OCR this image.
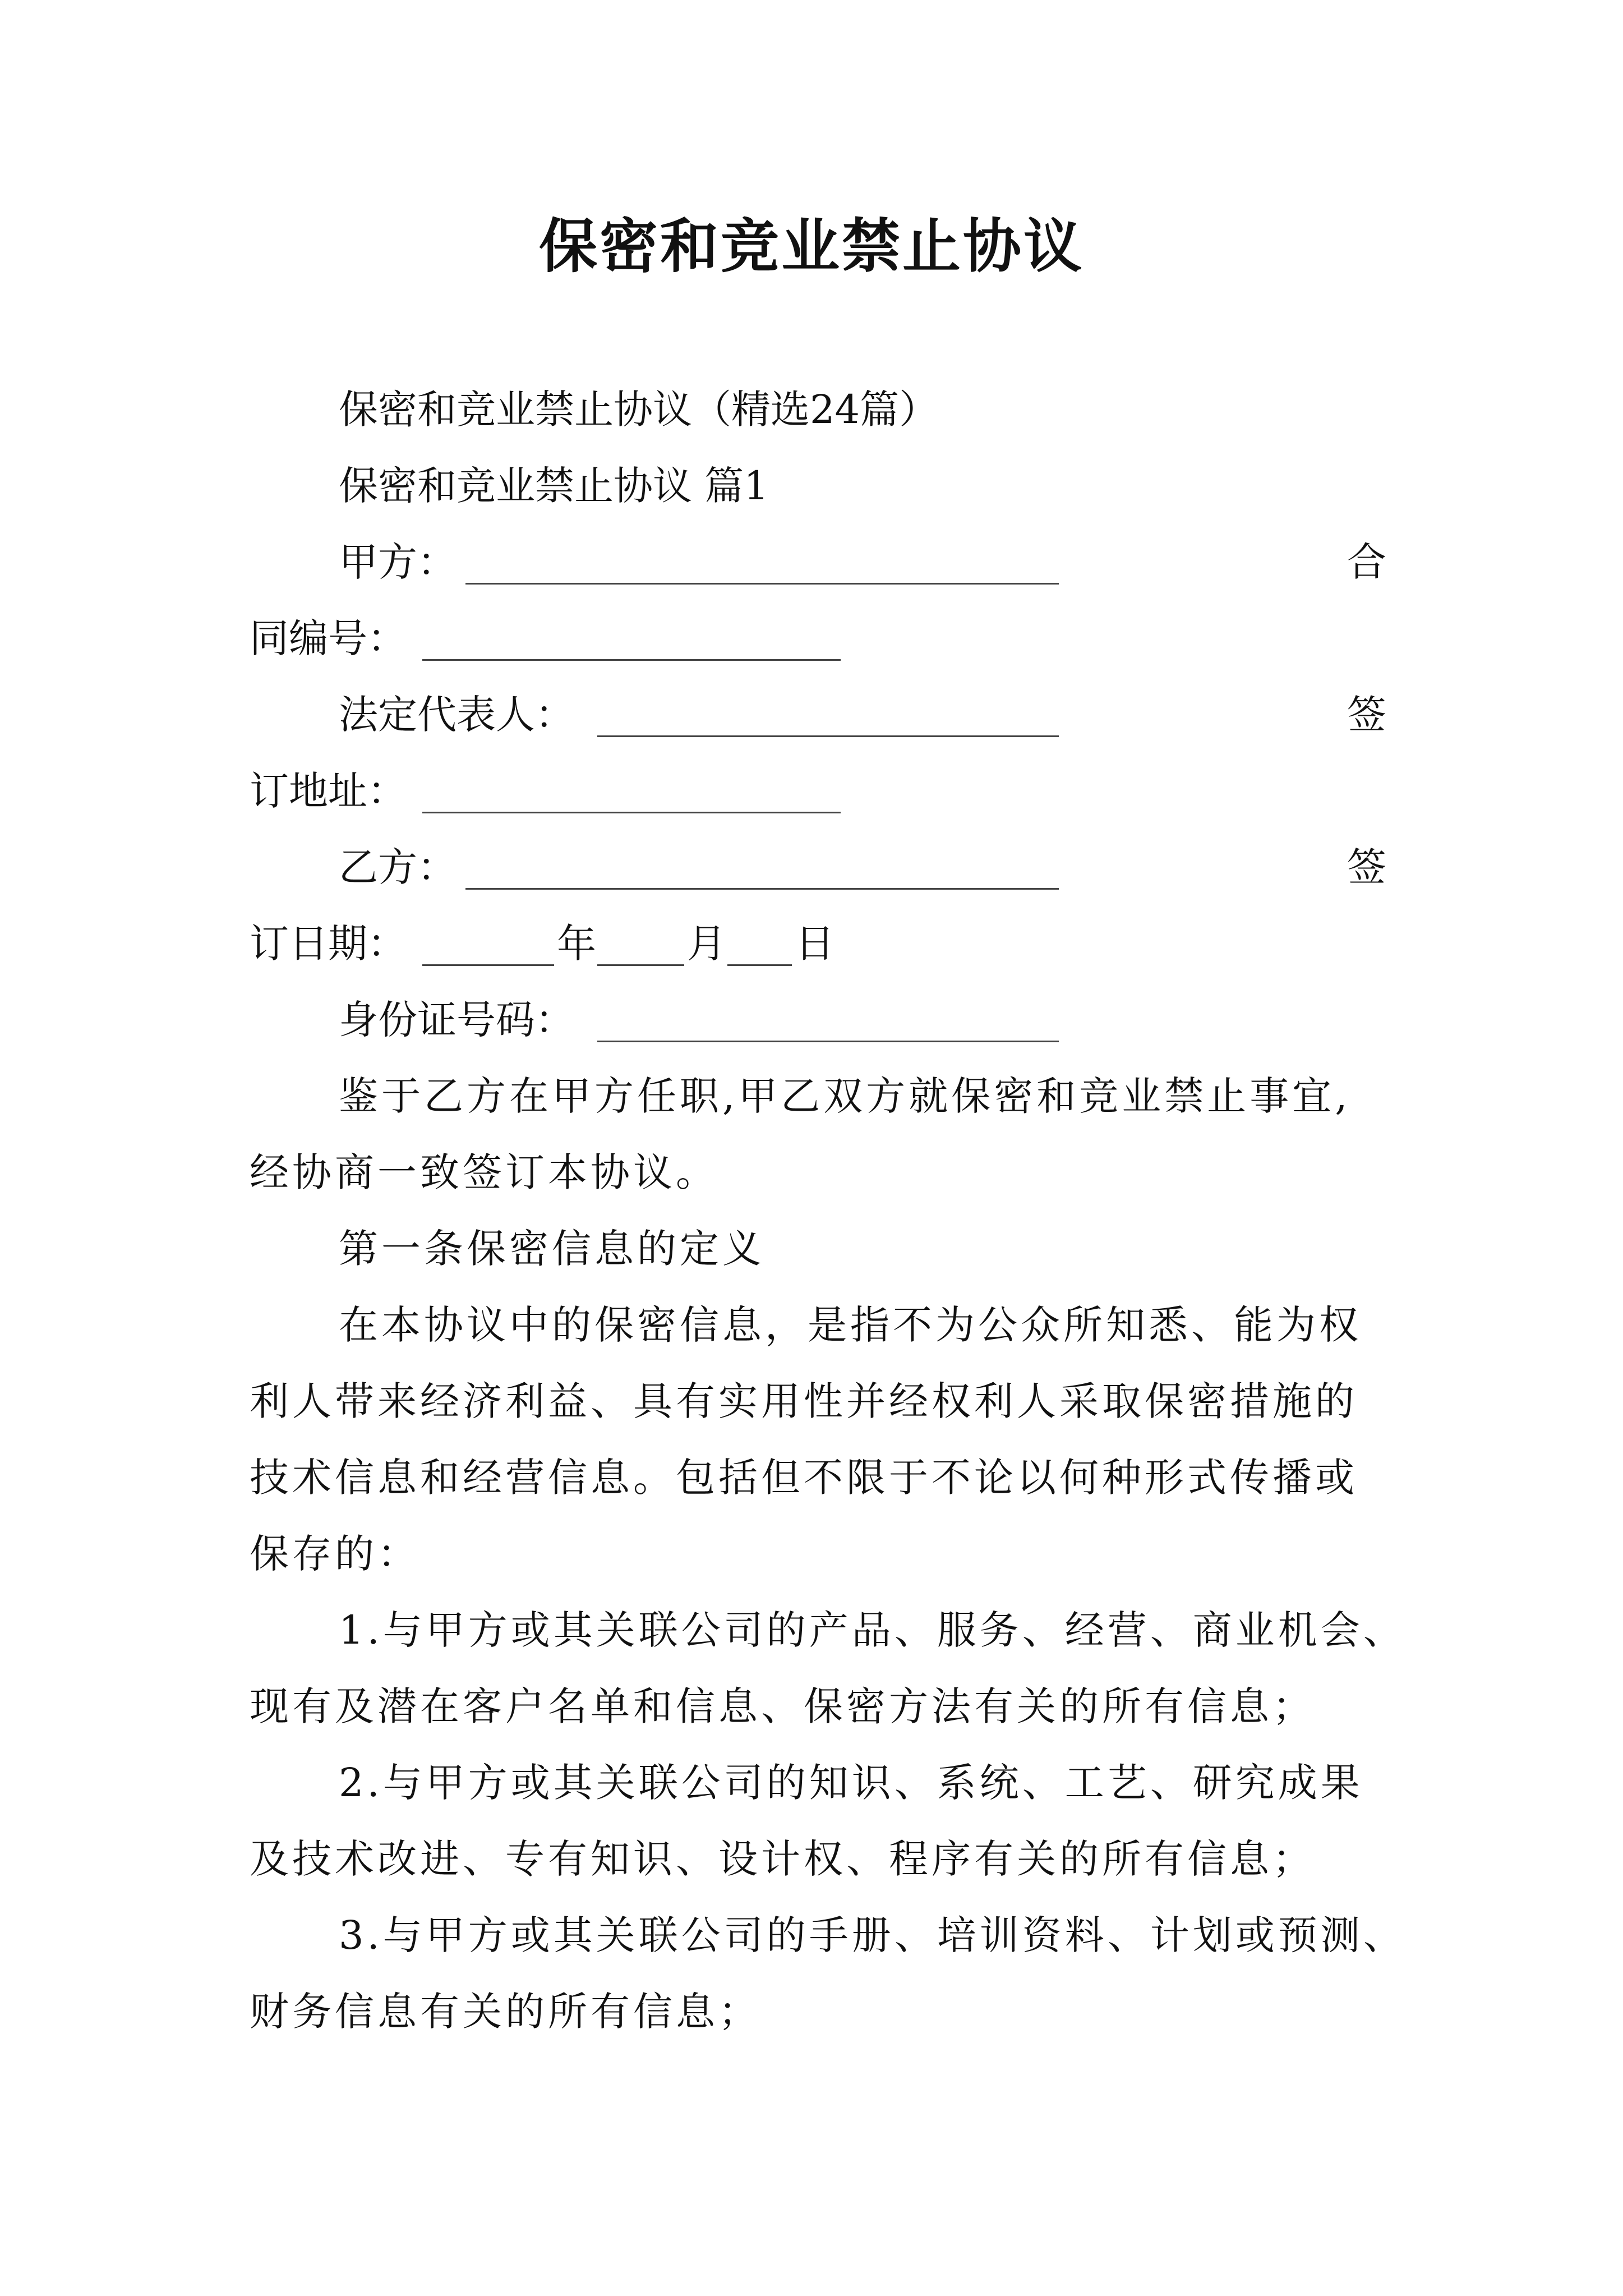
保密和竞业禁止协议
保密和竞业禁止协议（精选24篇）
保密和竞业禁止协议 篇1
甲方：	合
同编号：
法定代表人：	签
订地址：
乙方：	签
订日期：	年 月 日
身份证号码：
鉴于乙方在甲方任职,甲乙双方就保密和竞业禁止事宜,
经协商一致签订本协议。
第一条保密信息的定义
在本协议中的保密信息，是指不为公众所知悉、能为权
利人带来经济利益、具有实用性并经权利人采取保密措施的
技术信息和经营信息。包括但不限于不论以何种形式传播或
保存的：
1.与甲方或其关联公司的产品、服务、经营、商业机会、
现有及潜在客户名单和信息、保密方法有关的所有信息；
2.与甲方或其关联公司的知识、系统、工艺、研究成果
及技术改进、专有知识、设计权、程序有关的所有信息；
3.与甲方或其关联公司的手册、培训资料、计划或预测、
财务信息有关的所有信息；
